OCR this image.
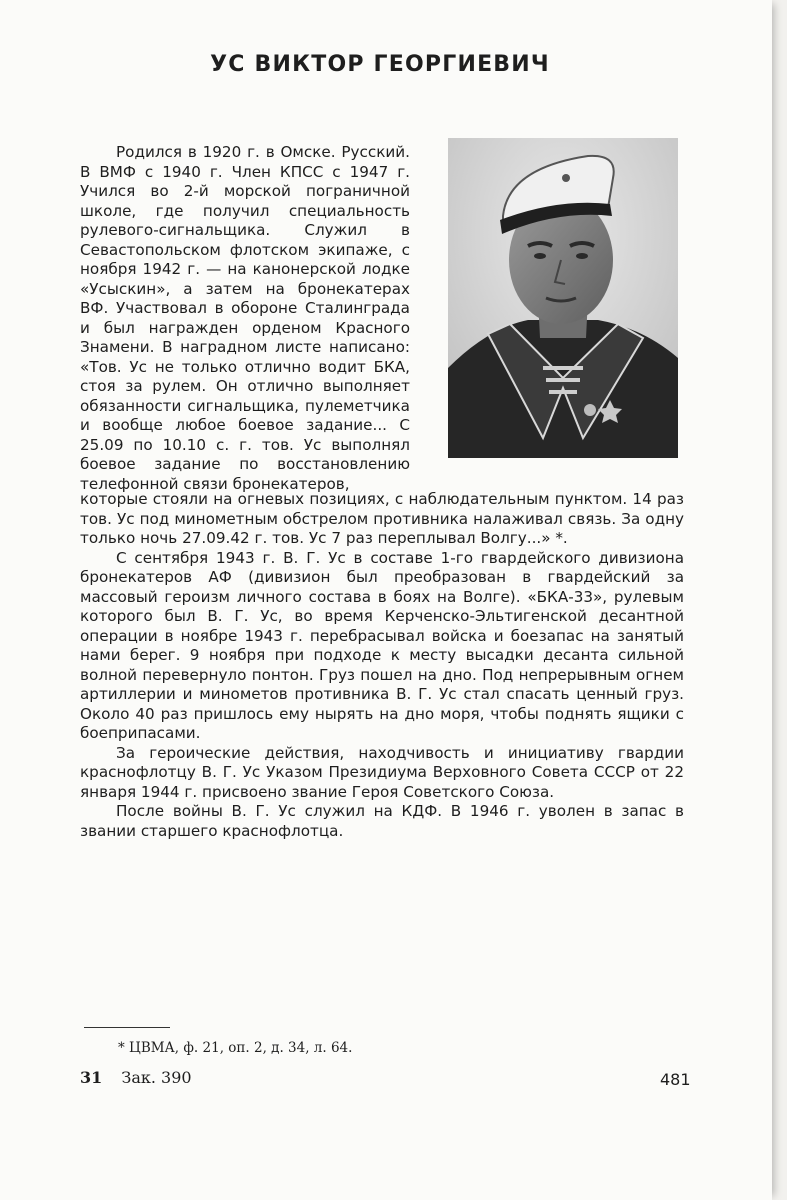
УС ВИКТОР ГЕОРГИЕВИЧ

Родился в 1920 г. в Омске. Русский. В ВМФ с 1940 г. Член КПСС с 1947 г. Учился во 2-й морской пограничной школе, где получил специальность рулевого-сигнальщика. Служил в Севастопольском флотском экипаже, с ноября 1942 г. — на канонерской лодке «Усыскин», а затем на бронекатерах ВФ. Участвовал в обороне Сталинграда и был награжден орденом Красного Знамени. В наградном листе написано: «Тов. Ус не только отлично водит БКА, стоя за рулем. Он отлично выполняет обязанности сигнальщика, пулеметчика и вообще любое боевое задание... С 25.09 по 10.10 с. г. тов. Ус выполнял боевое задание по восстановлению телефонной связи бронекатеров,

которые стояли на огневых позициях, с наблюдательным пунктом. 14 раз тов. Ус под минометным обстрелом противника налаживал связь. За одну только ночь 27.09.42 г. тов. Ус 7 раз переплывал Волгу...» *.

С сентября 1943 г. В. Г. Ус в составе 1-го гвардейского дивизиона бронекатеров АФ (дивизион был преобразован в гвардейский за массовый героизм личного состава в боях на Волге). «БКА-33», рулевым которого был В. Г. Ус, во время Керченско-Эльтигенской десантной операции в ноябре 1943 г. перебрасывал войска и боезапас на занятый нами берег. 9 ноября при подходе к месту высадки десанта сильной волной перевернуло понтон. Груз пошел на дно. Под непрерывным огнем артиллерии и минометов противника В. Г. Ус стал спасать ценный груз. Около 40 раз пришлось ему нырять на дно моря, чтобы поднять ящики с боеприпасами.

За героические действия, находчивость и инициативу гвардии краснофлотцу В. Г. Ус Указом Президиума Верховного Совета СССР от 22 января 1944 г. присвоено звание Героя Советского Союза.

После войны В. Г. Ус служил на КДФ. В 1946 г. уволен в запас в звании старшего краснофлотца.

* ЦВМА, ф. 21, оп. 2, д. 34, л. 64.
31 Зак. 390	481
